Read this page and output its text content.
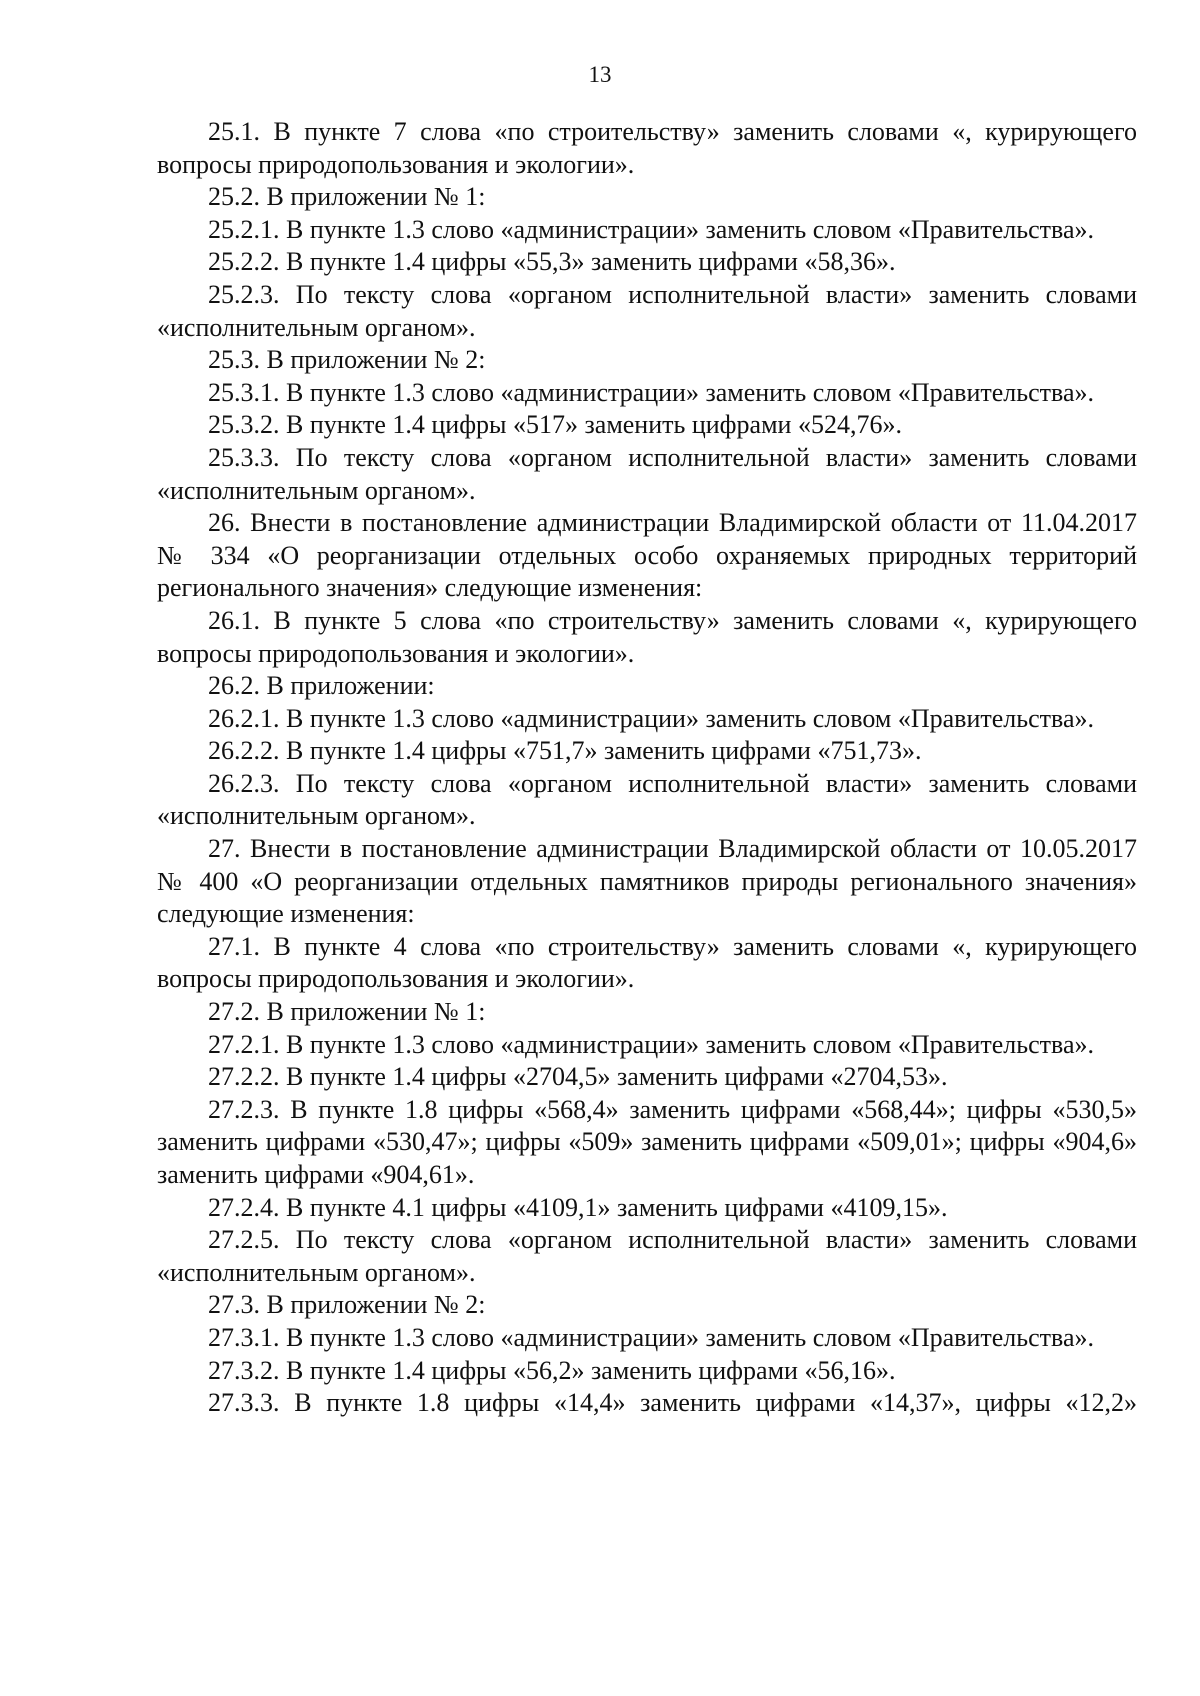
13

25.1. В пункте 7 слова «по строительству» заменить словами «, курирующего вопросы природопользования и экологии».

25.2. В приложении № 1:

25.2.1. В пункте 1.3 слово «администрации» заменить словом «Правительства».

25.2.2. В пункте 1.4 цифры «55,3» заменить цифрами «58,36».

25.2.3. По тексту слова «органом исполнительной власти» заменить словами «исполнительным органом».

25.3. В приложении № 2:

25.3.1. В пункте 1.3 слово «администрации» заменить словом «Правительства».

25.3.2. В пункте 1.4 цифры «517» заменить цифрами «524,76».

25.3.3. По тексту слова «органом исполнительной власти» заменить словами «исполнительным органом».

26. Внести в постановление администрации Владимирской области от 11.04.2017 № 334 «О реорганизации отдельных особо охраняемых природных территорий регионального значения» следующие изменения:

26.1. В пункте 5 слова «по строительству» заменить словами «, курирующего вопросы природопользования и экологии».

26.2. В приложении:

26.2.1. В пункте 1.3 слово «администрации» заменить словом «Правительства».

26.2.2. В пункте 1.4 цифры «751,7» заменить цифрами «751,73».

26.2.3. По тексту слова «органом исполнительной власти» заменить словами «исполнительным органом».

27. Внести в постановление администрации Владимирской области от 10.05.2017 № 400 «О реорганизации отдельных памятников природы регионального значения» следующие изменения:

27.1. В пункте 4 слова «по строительству» заменить словами «, курирующего вопросы природопользования и экологии».

27.2. В приложении № 1:

27.2.1. В пункте 1.3 слово «администрации» заменить словом «Правительства».

27.2.2. В пункте 1.4 цифры «2704,5» заменить цифрами «2704,53».

27.2.3. В пункте 1.8 цифры «568,4» заменить цифрами «568,44»; цифры «530,5» заменить цифрами «530,47»; цифры «509» заменить цифрами «509,01»; цифры «904,6» заменить цифрами «904,61».

27.2.4. В пункте 4.1 цифры «4109,1» заменить цифрами «4109,15».

27.2.5. По тексту слова «органом исполнительной власти» заменить словами «исполнительным органом».

27.3. В приложении № 2:

27.3.1. В пункте 1.3 слово «администрации» заменить словом «Правительства».

27.3.2. В пункте 1.4 цифры «56,2» заменить цифрами «56,16».

27.3.3. В пункте 1.8 цифры «14,4» заменить цифрами «14,37», цифры «12,2»
